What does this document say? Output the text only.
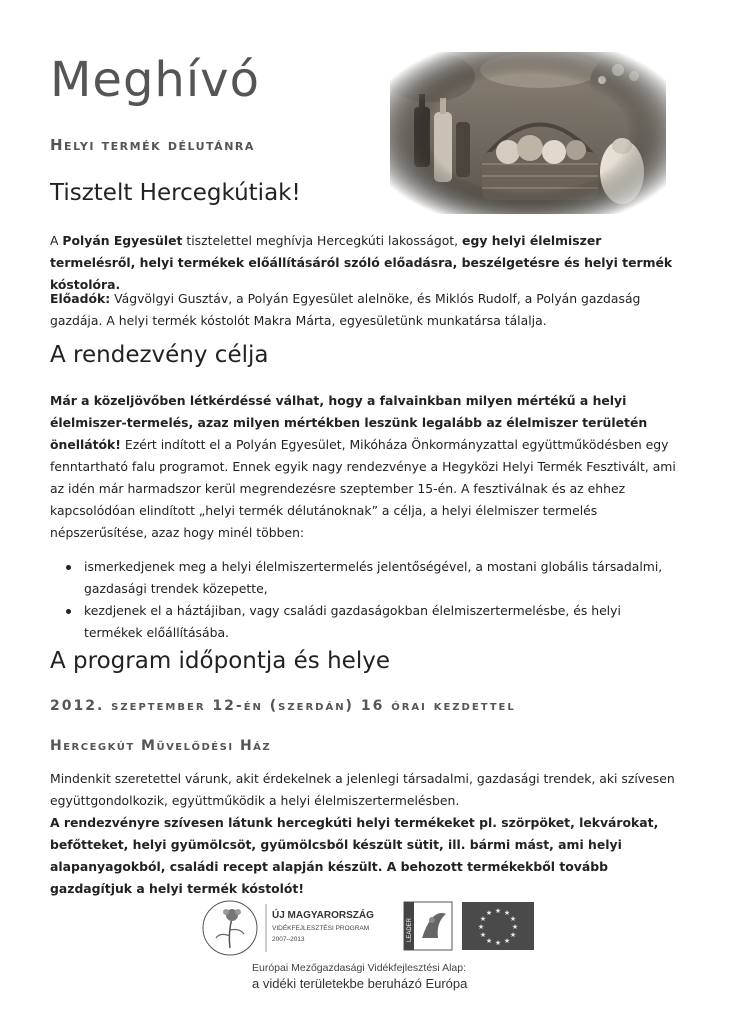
Meghívó
Helyi termék délutánra
Tisztelt Hercegkútiak!

A Polyán Egyesület tisztelettel meghívja Hercegkúti lakosságot, egy helyi élelmiszer termelésről, helyi termékek előállításáról szóló előadásra, beszélgetésre és helyi termék kóstolóra.

Előadók: Vágvölgyi Gusztáv, a Polyán Egyesület alelnöke, és Miklós Rudolf, a Polyán gazdaság gazdája. A helyi termék kóstolót Makra Márta, egyesületünk munkatársa tálalja.

A rendezvény célja

Már a közeljövőben létkérdéssé válhat, hogy a falvainkban milyen mértékű a helyi élelmiszer-termelés, azaz milyen mértékben leszünk legalább az élelmiszer területén önellátók! Ezért indított el a Polyán Egyesület, Mikóháza Önkormányzattal együttműködésben egy fenntartható falu programot. Ennek egyik nagy rendezvénye a Hegyközi Helyi Termék Fesztivált, ami az idén már harmadszor kerül megrendezésre szeptember 15-én. A fesztiválnak és az ehhez kapcsolódóan elindított „helyi termék délutánoknak” a célja, a helyi élelmiszer termelés népszerűsítése, azaz hogy minél többen:

ismerkedjenek meg a helyi élelmiszertermelés jelentőségével, a mostani globális társadalmi, gazdasági trendek közepette,
kezdjenek el a háztájiban, vagy családi gazdaságokban élelmiszertermelésbe, és helyi termékek előállításába.
A program időpontja és helye
2012. szeptember 12-én (szerdán) 16 órai kezdettel
Hercegkút Művelődési Ház

Mindenkit szeretettel várunk, akit érdekelnek a jelenlegi társadalmi, gazdasági trendek, aki szívesen együttgondolkozik, együttműködik a helyi élelmiszertermelésben.
A rendezvényre szívesen látunk hercegkúti helyi termékeket pl. szörpöket, lekvárokat, befőtteket, helyi gyümölcsöt, gyümölcsből készült sütit, ill. bármi mást, ami helyi alapanyagokból, családi recept alapján készült. A behozott termékekből tovább gazdagítjuk a helyi termék kóstolót!

ÚJ MAGYARORSZÁG
VIDÉKFEJLESZTÉSI PROGRAM
2007–2013	LEADER
★ ★
★
★
★
★
★
★
★
★
★
★
Európai Mezőgazdasági Vidékfejlesztési Alap:
a vidéki területekbe beruházó Európa
